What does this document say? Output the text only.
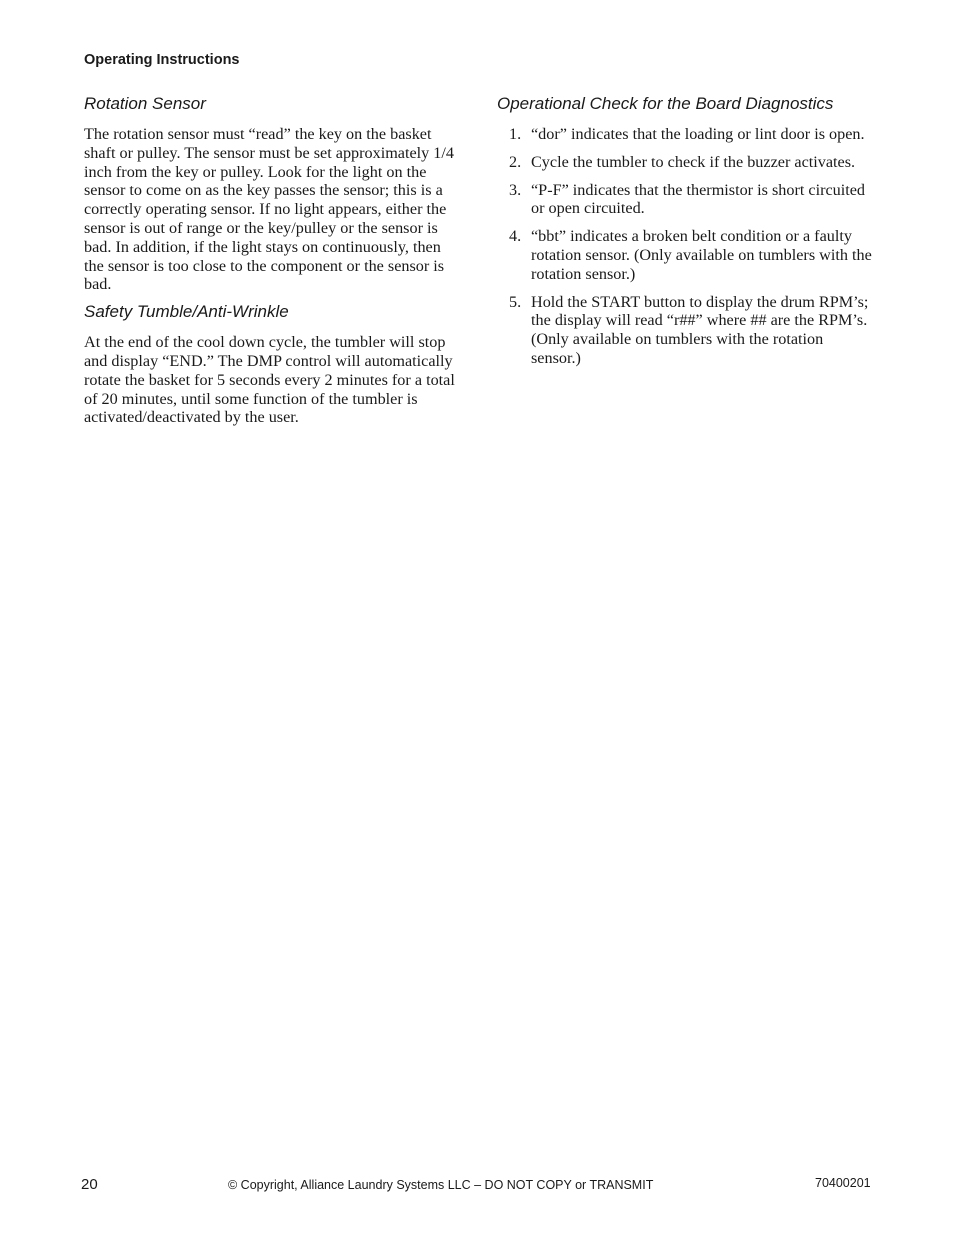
Operating Instructions
Rotation Sensor

The rotation sensor must “read” the key on the basket shaft or pulley. The sensor must be set approximately 1/4 inch from the key or pulley. Look for the light on the sensor to come on as the key passes the sensor; this is a correctly operating sensor. If no light appears, either the sensor is out of range or the key/pulley or the sensor is bad. In addition, if the light stays on continuously, then the sensor is too close to the component or the sensor is bad.

Safety Tumble/Anti-Wrinkle

At the end of the cool down cycle, the tumbler will stop and display “END.” The DMP control will automatically rotate the basket for 5 seconds every 2 minutes for a total of 20 minutes, until some function of the tumbler is activated/deactivated by the user.

Operational Check for the Board Diagnostics
1. “dor” indicates that the loading or lint door is open.
2. Cycle the tumbler to check if the buzzer activates.
3. “P-F” indicates that the thermistor is short circuited or open circuited.
4. “bbt” indicates a broken belt condition or a faulty rotation sensor. (Only available on tumblers with the rotation sensor.)
5. Hold the START button to display the drum RPM’s; the display will read “r##” where ## are the RPM’s. (Only available on tumblers with the rotation sensor.)
20	© Copyright, Alliance Laundry Systems LLC – DO NOT COPY or TRANSMIT	70400201
